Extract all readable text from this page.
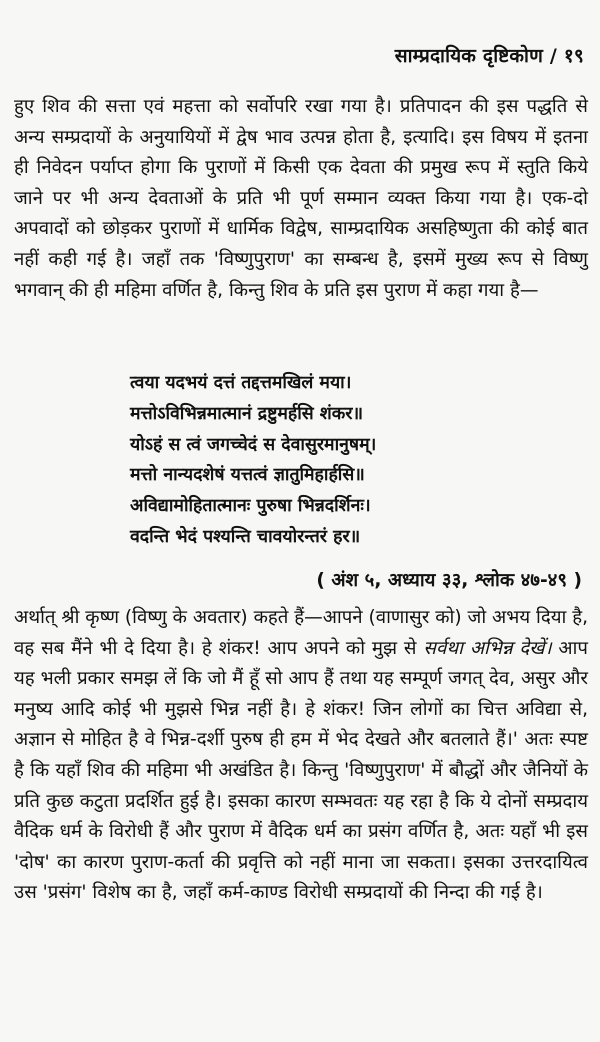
साम्प्रदायिक दृष्टिकोण / १९

हुए शिव की सत्ता एवं महत्ता को सर्वोपरि रखा गया है। प्रतिपादन की इस पद्धति से अन्य सम्प्रदायों के अनुयायियों में द्वेष भाव उत्पन्न होता है, इत्यादि। इस विषय में इतना ही निवेदन पर्याप्त होगा कि पुराणों में किसी एक देवता की प्रमुख रूप में स्तुति किये जाने पर भी अन्य देवताओं के प्रति भी पूर्ण सम्मान व्यक्त किया गया है। एक-दो अपवादों को छोड़कर पुराणों में धार्मिक विद्वेष, साम्प्रदायिक असहिष्णुता की कोई बात नहीं कही गई है। जहाँ तक 'विष्णुपुराण' का सम्बन्ध है, इसमें मुख्य रूप से विष्णु भगवान् की ही महिमा वर्णित है, किन्तु शिव के प्रति इस पुराण में कहा गया है—

त्वया यदभयं दत्तं तद्दत्तमखिलं मया।
मत्तोऽविभिन्नमात्मानं द्रष्टुमर्हसि शंकर॥
योऽहं स त्वं जगच्चेदं स देवासुरमानुषम्।
मत्तो नान्यदशेषं यत्तत्वं ज्ञातुमिहार्हसि॥
अविद्यामोहितात्मानः पुरुषा भिन्नदर्शिनः।
वदन्ति भेदं पश्यन्ति चावयोरन्तरं हर॥
( अंश ५, अध्याय ३३, श्लोक ४७-४९ )

अर्थात् श्री कृष्ण (विष्णु के अवतार) कहते हैं—आपने (वाणासुर को) जो अभय दिया है, वह सब मैंने भी दे दिया है। हे शंकर! आप अपने को मुझ से सर्वथा अभिन्न देखें। आप यह भली प्रकार समझ लें कि जो मैं हूँ सो आप हैं तथा यह सम्पूर्ण जगत् देव, असुर और मनुष्य आदि कोई भी मुझसे भिन्न नहीं है। हे शंकर! जिन लोगों का चित्त अविद्या से, अज्ञान से मोहित है वे भिन्न-दर्शी पुरुष ही हम में भेद देखते और बतलाते हैं।' अतः स्पष्ट है कि यहाँ शिव की महिमा भी अखंडित है। किन्तु 'विष्णुपुराण' में बौद्धों और जैनियों के प्रति कुछ कटुता प्रदर्शित हुई है। इसका कारण सम्भवतः यह रहा है कि ये दोनों सम्प्रदाय वैदिक धर्म के विरोधी हैं और पुराण में वैदिक धर्म का प्रसंग वर्णित है, अतः यहाँ भी इस 'दोष' का कारण पुराण-कर्ता की प्रवृत्ति को नहीं माना जा सकता। इसका उत्तरदायित्व उस 'प्रसंग' विशेष का है, जहाँ कर्म-काण्ड विरोधी सम्प्रदायों की निन्दा की गई है।
